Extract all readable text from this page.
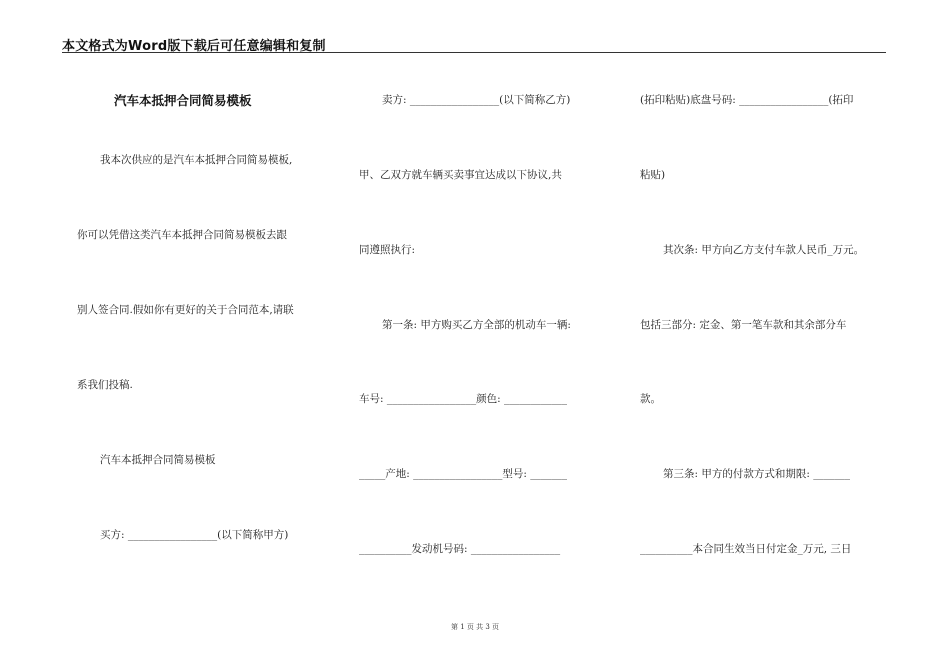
本文格式为Word版下载后可任意编辑和复制
汽车本抵押合同简易模板
我本次供应的是汽车本抵押合同简易模板,
你可以凭借这类汽车本抵押合同简易模板去跟
别人签合同.假如你有更好的关于合同范本,请联
系我们投稿.
汽车本抵押合同简易模板
买方: _________________(以下简称甲方)
卖方: _________________(以下简称乙方)
甲、乙双方就车辆买卖事宜达成以下协议,共
同遵照执行:
第一条: 甲方购买乙方全部的机动车一辆:
车号: _________________颜色: ____________
_____产地: _________________型号: _______
__________发动机号码: _________________
(拓印粘贴)底盘号码: _________________(拓印
粘贴)
其次条: 甲方向乙方支付车款人民币_万元。
包括三部分: 定金、第一笔车款和其余部分车
款。
第三条: 甲方的付款方式和期限: _______
__________本合同生效当日付定金_万元, 三日
第 1 页 共 3 页
